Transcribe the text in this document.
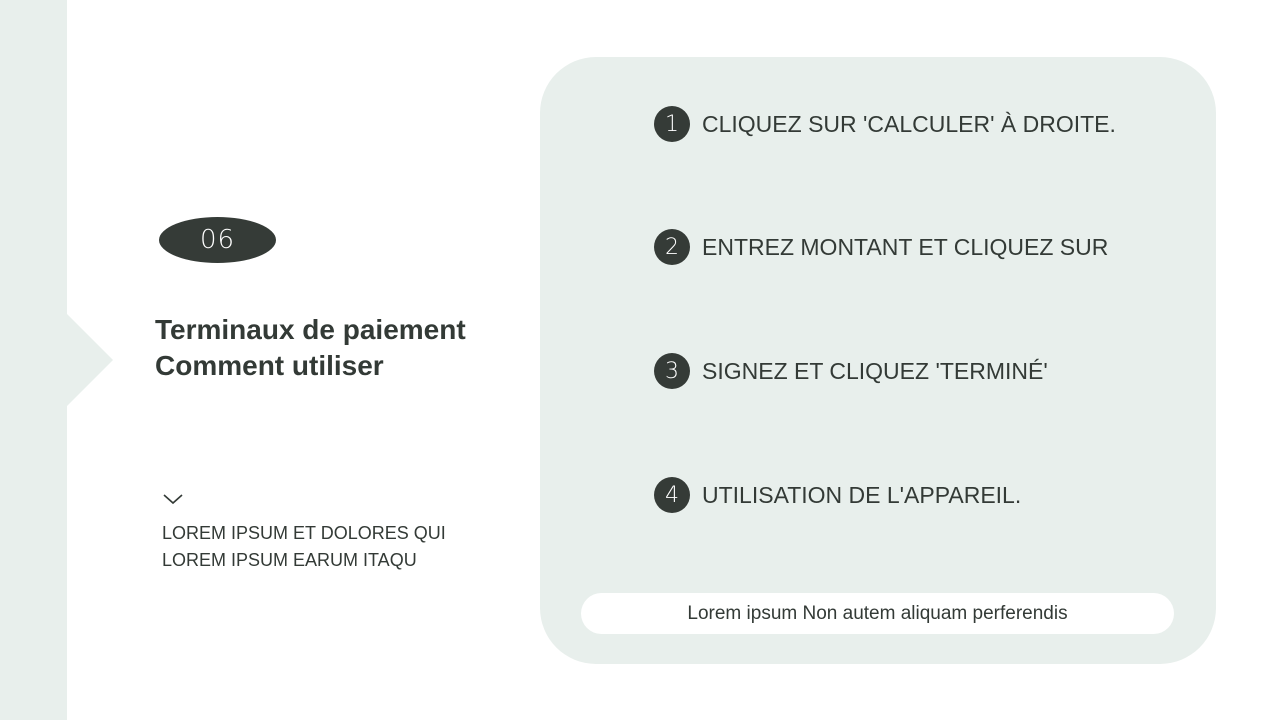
06
Terminaux de paiement
Comment utiliser
LOREM IPSUM ET DOLORES QUI
LOREM IPSUM EARUM ITAQU
1	CLIQUEZ SUR 'CALCULER' À DROITE.
2	ENTREZ MONTANT ET CLIQUEZ SUR
3	SIGNEZ ET CLIQUEZ 'TERMINÉ'
4	UTILISATION DE L'APPAREIL.
Lorem ipsum Non autem aliquam perferendis
